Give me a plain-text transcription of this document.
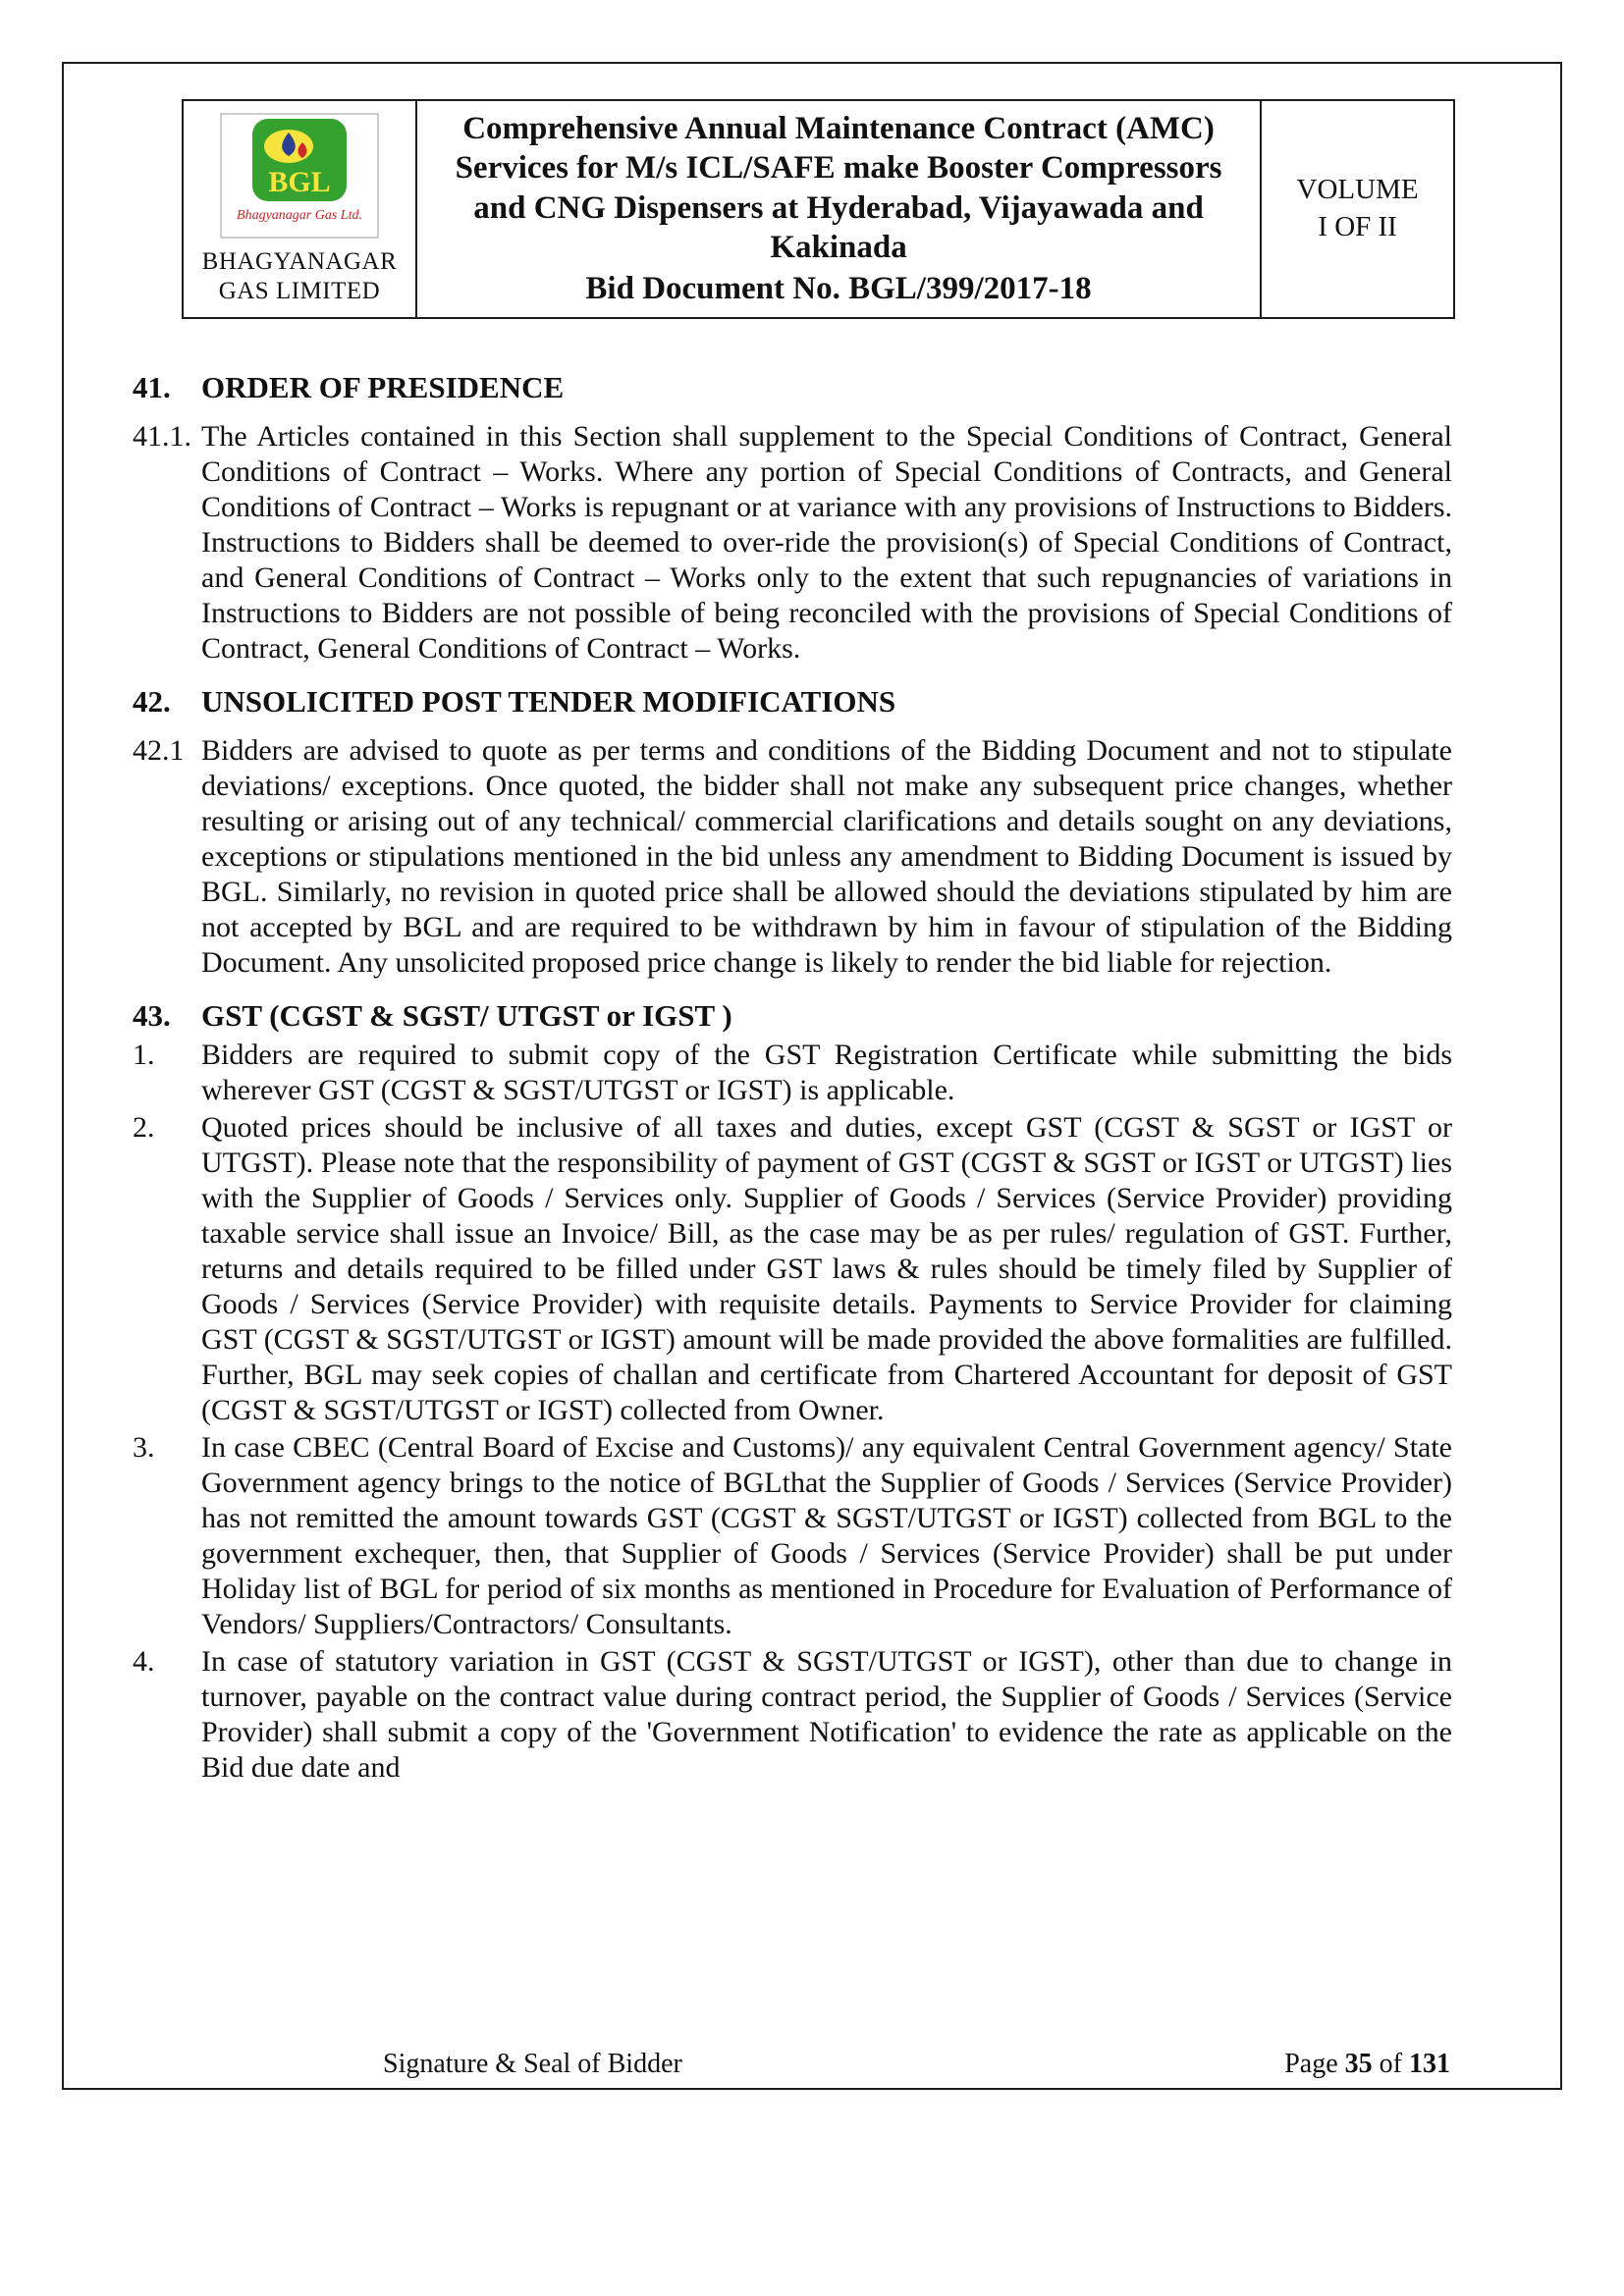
BGL
Bhagyanagar Gas Ltd.
BHAGYANAGAR
GAS LIMITED

Comprehensive Annual Maintenance Contract (AMC) Services for M/s ICL/SAFE make Booster Compressors and CNG Dispensers at Hyderabad, Vijayawada and Kakinada
Bid Document No. BGL/399/2017-18

VOLUME
I OF II
41.	ORDER OF PRESIDENCE
41.1. The Articles contained in this Section shall supplement to the Special Conditions of Contract, General Conditions of Contract – Works. Where any portion of Special Conditions of Contracts, and General Conditions of Contract – Works is repugnant or at variance with any provisions of Instructions to Bidders. Instructions to Bidders shall be deemed to over-ride the provision(s) of Special Conditions of Contract, and General Conditions of Contract – Works only to the extent that such repugnancies of variations in Instructions to Bidders are not possible of being reconciled with the provisions of Special Conditions of Contract, General Conditions of Contract – Works.
42.	UNSOLICITED POST TENDER MODIFICATIONS
42.1 Bidders are advised to quote as per terms and conditions of the Bidding Document and not to stipulate deviations/ exceptions. Once quoted, the bidder shall not make any subsequent price changes, whether resulting or arising out of any technical/ commercial clarifications and details sought on any deviations, exceptions or stipulations mentioned in the bid unless any amendment to Bidding Document is issued by BGL. Similarly, no revision in quoted price shall be allowed should the deviations stipulated by him are not accepted by BGL and are required to be withdrawn by him in favour of stipulation of the Bidding Document. Any unsolicited proposed price change is likely to render the bid liable for rejection.
43.	GST (CGST & SGST/ UTGST or IGST )
1.	Bidders are required to submit copy of the GST Registration Certificate while submitting the bids wherever GST (CGST & SGST/UTGST or IGST) is applicable.
2.	Quoted prices should be inclusive of all taxes and duties, except GST (CGST & SGST or IGST or UTGST). Please note that the responsibility of payment of GST (CGST & SGST or IGST or UTGST) lies with the Supplier of Goods / Services only. Supplier of Goods / Services (Service Provider) providing taxable service shall issue an Invoice/ Bill, as the case may be as per rules/ regulation of GST. Further, returns and details required to be filled under GST laws & rules should be timely filed by Supplier of Goods / Services (Service Provider) with requisite details. Payments to Service Provider for claiming GST (CGST & SGST/UTGST or IGST) amount will be made provided the above formalities are fulfilled. Further, BGL may seek copies of challan and certificate from Chartered Accountant for deposit of GST (CGST & SGST/UTGST or IGST) collected from Owner.
3.	In case CBEC (Central Board of Excise and Customs)/ any equivalent Central Government agency/ State Government agency brings to the notice of BGLthat the Supplier of Goods / Services (Service Provider) has not remitted the amount towards GST (CGST & SGST/UTGST or IGST) collected from BGL to the government exchequer, then, that Supplier of Goods / Services (Service Provider) shall be put under Holiday list of BGL for period of six months as mentioned in Procedure for Evaluation of Performance of Vendors/ Suppliers/Contractors/ Consultants.
4.	In case of statutory variation in GST (CGST & SGST/UTGST or IGST), other than due to change in turnover, payable on the contract value during contract period, the Supplier of Goods / Services (Service Provider) shall submit a copy of the 'Government Notification' to evidence the rate as applicable on the Bid due date and
Signature & Seal of Bidder	Page 35 of 131
